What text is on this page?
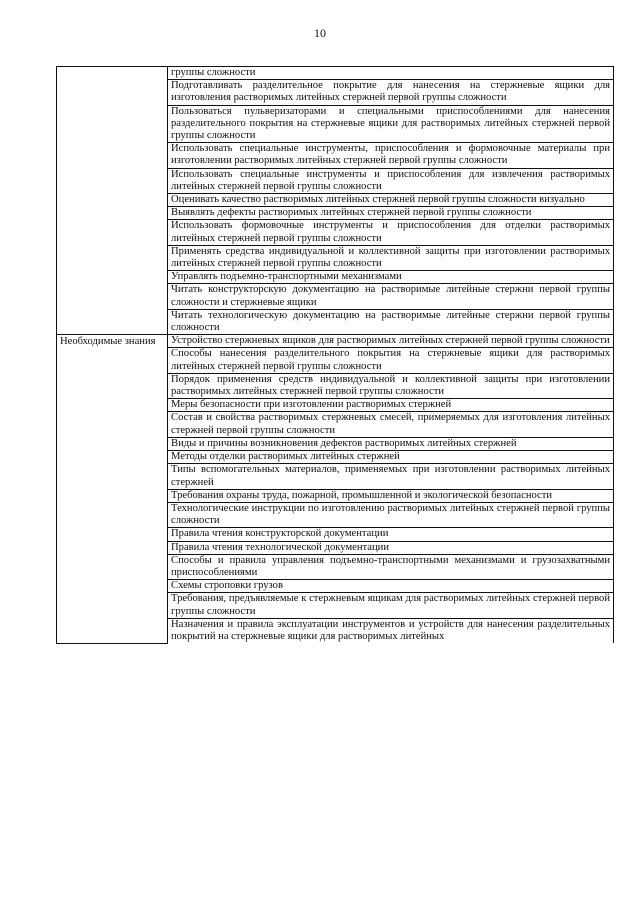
10
	группы сложности
	Подготавливать разделительное покрытие для нанесения на стержневые ящики для изготовления растворимых литейных стержней первой группы сложности
	Пользоваться пульверизаторами и специальными приспособлениями для нанесения разделительного покрытия на стержневые ящики для растворимых литейных стержней первой группы сложности
	Использовать специальные инструменты, приспособления и формовочные материалы при изготовлении растворимых литейных стержней первой группы сложности
	Использовать специальные инструменты и приспособления для извлечения растворимых литейных стержней первой группы сложности
	Оценивать качество растворимых литейных стержней первой группы сложности визуально
	Выявлять дефекты растворимых литейных стержней первой группы сложности
	Использовать формовочные инструменты и приспособления для отделки растворимых литейных стержней первой группы сложности
	Применять средства индивидуальной и коллективной защиты при изготовлении растворимых литейных стержней первой группы сложности
	Управлять подъемно-транспортными механизмами
	Читать конструкторскую документацию на растворимые литейные стержни первой группы сложности и стержневые ящики
	Читать технологическую документацию на растворимые литейные стержни первой группы сложности
Необходимые знания	Устройство стержневых ящиков для растворимых литейных стержней первой группы сложности
	Способы нанесения разделительного покрытия на стержневые ящики для растворимых литейных стержней первой группы сложности
	Порядок применения средств индивидуальной и коллективной защиты при изготовлении растворимых литейных стержней первой группы сложности
	Меры безопасности при изготовлении растворимых стержней
	Состав и свойства растворимых стержневых смесей, примеряемых для изготовления литейных стержней первой группы сложности
	Виды и причины возникновения дефектов растворимых литейных стержней
	Методы отделки растворимых литейных стержней
	Типы вспомогательных материалов, применяемых при изготовлении растворимых литейных стержней
	Требования охраны труда, пожарной, промышленной и экологической безопасности
	Технологические инструкции по изготовлению растворимых литейных стержней первой группы сложности
	Правила чтения конструкторской документации
	Правила чтения технологической документации
	Способы и правила управления подъемно-транспортными механизмами и грузозахватными приспособлениями
	Схемы строповки грузов
	Требования, предъявляемые к стержневым ящикам для растворимых литейных стержней первой группы сложности
	Назначения и правила эксплуатации инструментов и устройств для нанесения разделительных покрытий на стержневые ящики для растворимых литейных
